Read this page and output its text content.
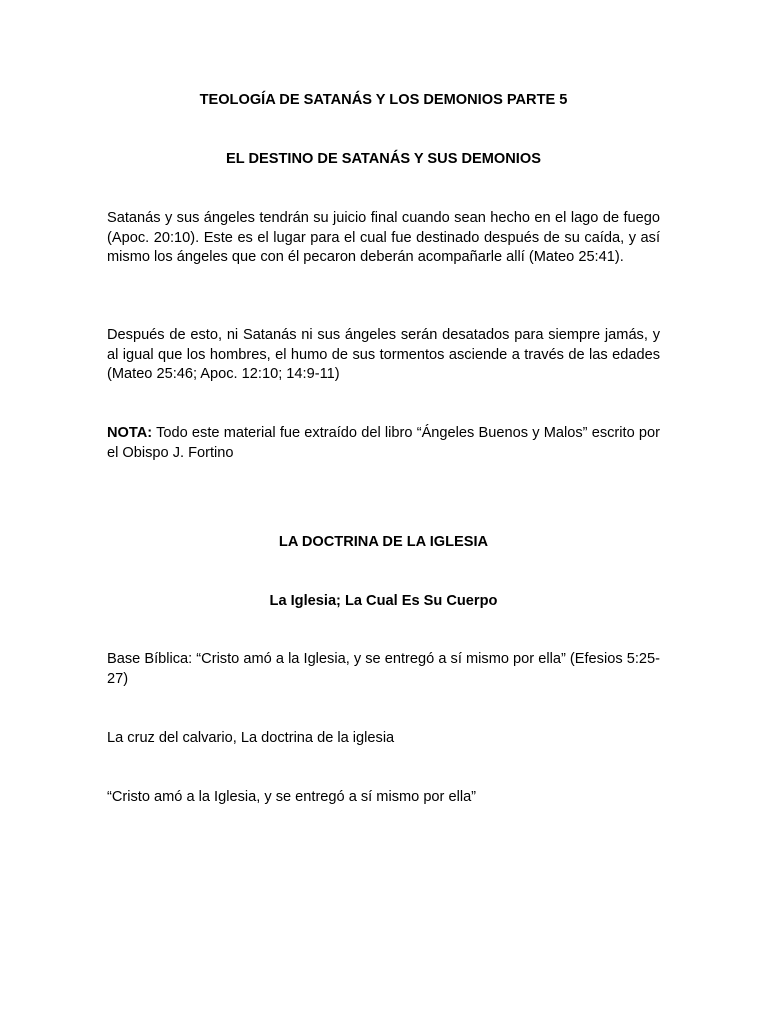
TEOLOGÍA DE SATANÁS Y LOS DEMONIOS PARTE 5
EL DESTINO DE SATANÁS Y SUS DEMONIOS

Satanás y sus ángeles tendrán su juicio final cuando sean hecho en el lago de fuego (Apoc. 20:10). Este es el lugar para el cual fue destinado después de su caída, y así mismo los ángeles que con él pecaron deberán acompañarle allí (Mateo 25:41).

Después de esto, ni Satanás ni sus ángeles serán desatados para siempre jamás, y al igual que los hombres, el humo de sus tormentos asciende a través de las edades (Mateo 25:46; Apoc. 12:10; 14:9-11)

NOTA: Todo este material fue extraído del libro “Ángeles Buenos y Malos” escrito por el Obispo J. Fortino

LA DOCTRINA DE LA IGLESIA
La Iglesia; La Cual Es Su Cuerpo

Base Bíblica: “Cristo amó a la Iglesia, y se entregó a sí mismo por ella” (Efesios 5:25-27)

La cruz del calvario, La doctrina de la iglesia

“Cristo amó a la Iglesia, y se entregó a sí mismo por ella”
